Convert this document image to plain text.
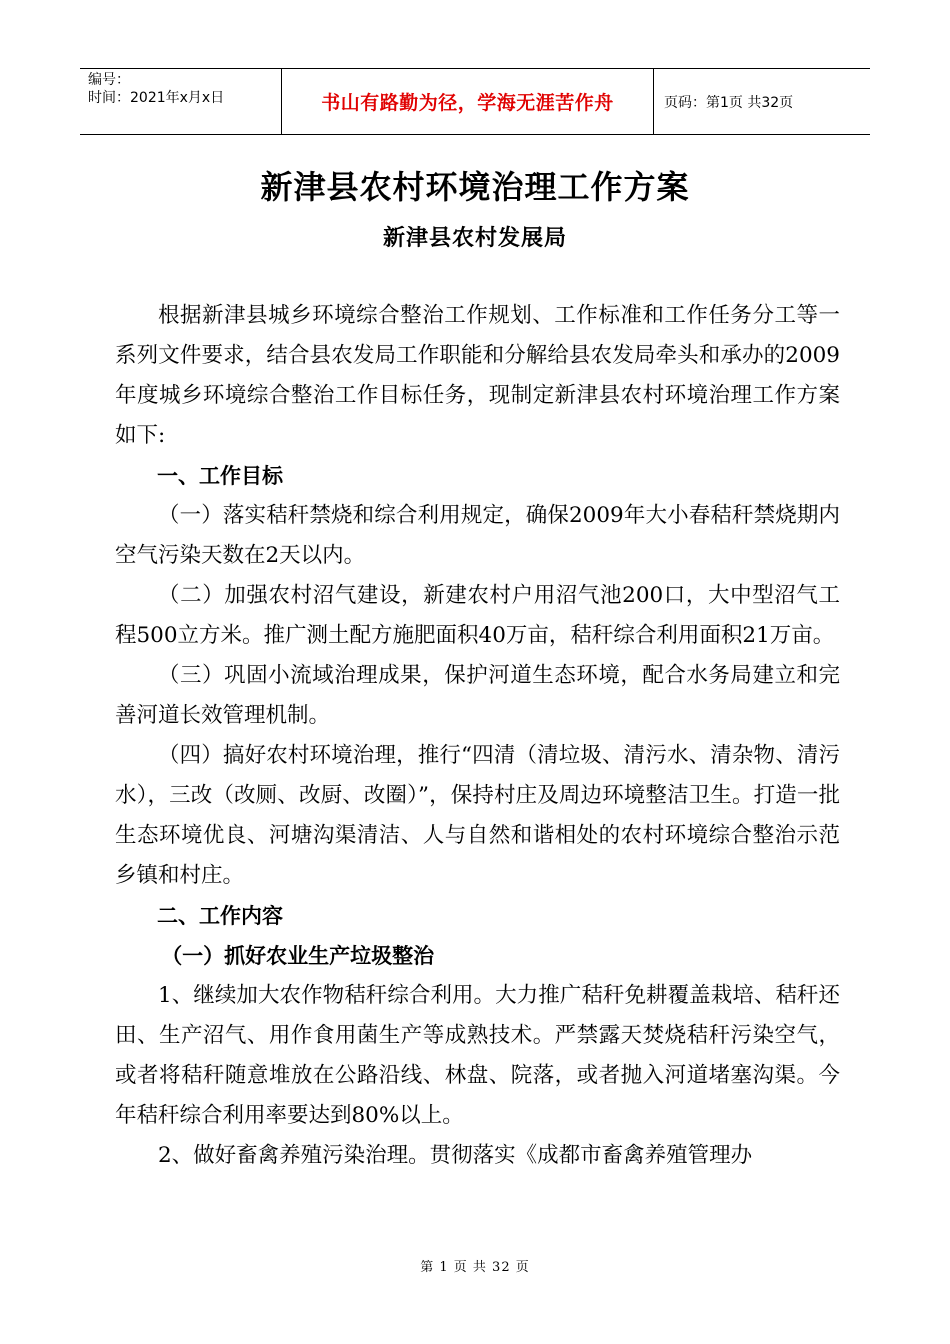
编号：
时间：2021年x月x日	书山有路勤为径，学海无涯苦作舟	页码：第1页 共32页
新津县农村环境治理工作方案
新津县农村发展局

根据新津县城乡环境综合整治工作规划、工作标准和工作任务分工等一系列文件要求，结合县农发局工作职能和分解给县农发局牵头和承办的2009年度城乡环境综合整治工作目标任务，现制定新津县农村环境治理工作方案如下:

一、工作目标

（一）落实秸秆禁烧和综合利用规定，确保2009年大小春秸秆禁烧期内空气污染天数在2天以内。

（二）加强农村沼气建设，新建农村户用沼气池200口，大中型沼气工程500立方米。推广测土配方施肥面积40万亩，秸秆综合利用面积21万亩。

（三）巩固小流域治理成果，保护河道生态环境，配合水务局建立和完善河道长效管理机制。

（四）搞好农村环境治理，推行“四清（清垃圾、清污水、清杂物、清污水），三改（改厕、改厨、改圈）”，保持村庄及周边环境整洁卫生。打造一批生态环境优良、河塘沟渠清洁、人与自然和谐相处的农村环境综合整治示范乡镇和村庄。

二、工作内容

（一）抓好农业生产垃圾整治

1、继续加大农作物秸秆综合利用。大力推广秸秆免耕覆盖栽培、秸秆还田、生产沼气、用作食用菌生产等成熟技术。严禁露天焚烧秸秆污染空气，或者将秸秆随意堆放在公路沿线、林盘、院落，或者抛入河道堵塞沟渠。今年秸秆综合利用率要达到80%以上。

2、做好畜禽养殖污染治理。贯彻落实《成都市畜禽养殖管理办

第 1 页 共 32 页
